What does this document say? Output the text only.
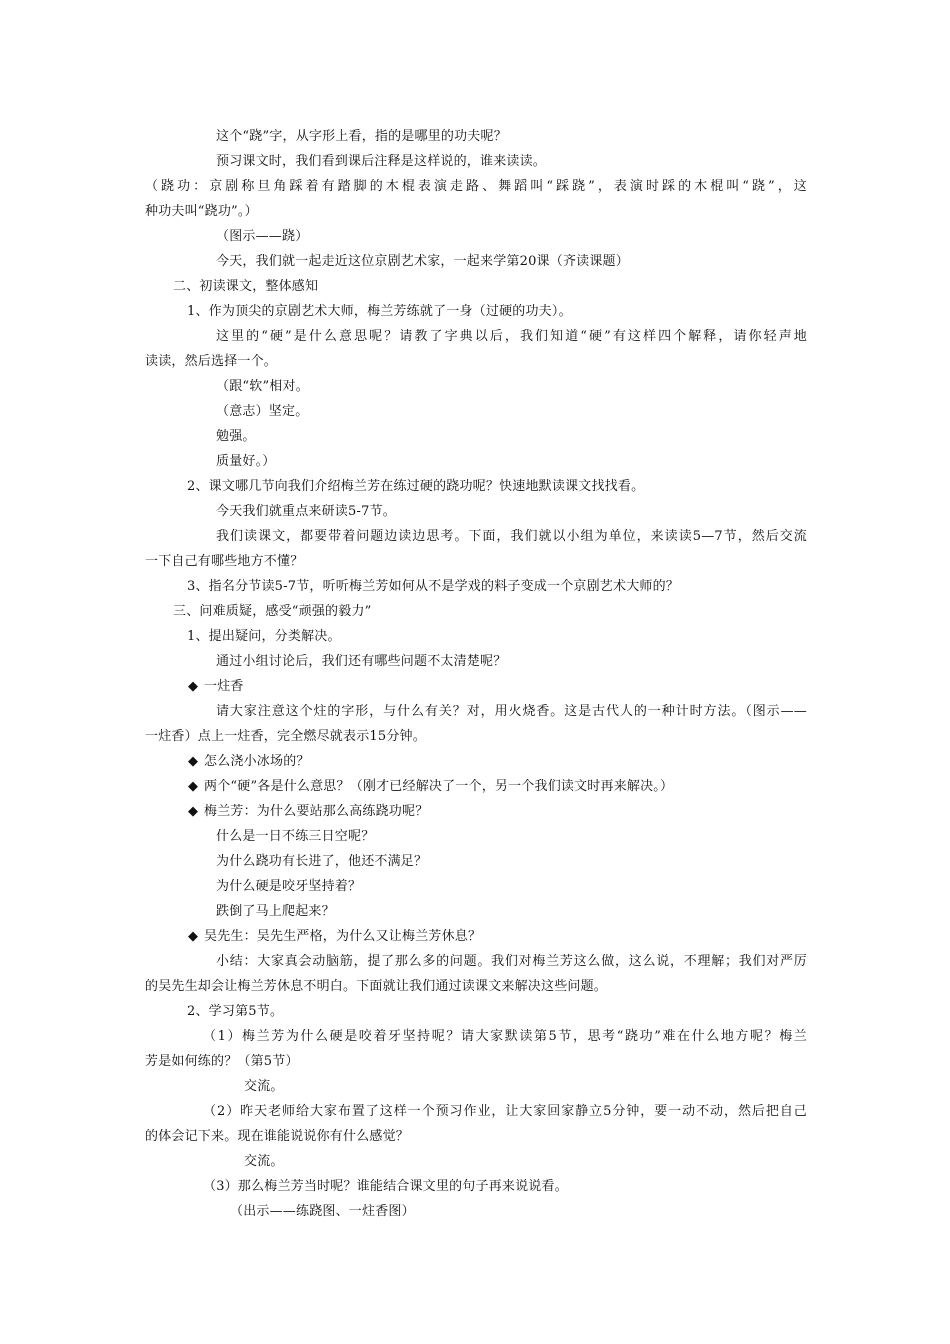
这个“跷”字，从字形上看，指的是哪里的功夫呢？
预习课文时，我们看到课后注释是这样说的，谁来读读。
（跷功：京剧称旦角踩着有踏脚的木棍表演走路、舞蹈叫“踩跷”，表演时踩的木棍叫“跷”，这
种功夫叫“跷功”。）
（图示——跷）
今天，我们就一起走近这位京剧艺术家，一起来学第20课（齐读课题）
二、初读课文，整体感知
1、作为顶尖的京剧艺术大师，梅兰芳练就了一身（过硬的功夫）。
这里的“硬”是什么意思呢？请教了字典以后，我们知道“硬”有这样四个解释，请你轻声地
读读，然后选择一个。
（跟“软”相对。
（意志）坚定。
勉强。
质量好。）
2、课文哪几节向我们介绍梅兰芳在练过硬的跷功呢？快速地默读课文找找看。
今天我们就重点来研读5-7节。
我们读课文，都要带着问题边读边思考。下面，我们就以小组为单位，来读读5—7节，然后交流
一下自己有哪些地方不懂？
3、指名分节读5-7节，听听梅兰芳如何从不是学戏的料子变成一个京剧艺术大师的？
三、问难质疑，感受“顽强的毅力”
1、提出疑问，分类解决。
通过小组讨论后，我们还有哪些问题不太清楚呢？
◆ 一炷香
请大家注意这个炷的字形，与什么有关？对，用火烧香。这是古代人的一种计时方法。（图示——
一炷香）点上一炷香，完全燃尽就表示15分钟。
◆ 怎么浇小冰场的？
◆ 两个“硬”各是什么意思？（刚才已经解决了一个，另一个我们读文时再来解决。）
◆ 梅兰芳：为什么要站那么高练跷功呢？
什么是一日不练三日空呢？
为什么跷功有长进了，他还不满足？
为什么硬是咬牙坚持着？
跌倒了马上爬起来？
◆ 吴先生：吴先生严格，为什么又让梅兰芳休息？
小结：大家真会动脑筋，提了那么多的问题。我们对梅兰芳这么做，这么说，不理解；我们对严厉
的吴先生却会让梅兰芳休息不明白。下面就让我们通过读课文来解决这些问题。
2、学习第5节。
（1）梅兰芳为什么硬是咬着牙坚持呢？请大家默读第5节，思考“跷功”难在什么地方呢？梅兰
芳是如何练的？（第5节）
交流。
（2）昨天老师给大家布置了这样一个预习作业，让大家回家静立5分钟，要一动不动，然后把自己
的体会记下来。现在谁能说说你有什么感觉？
交流。
（3）那么梅兰芳当时呢？谁能结合课文里的句子再来说说看。
（出示——练跷图、一炷香图）
